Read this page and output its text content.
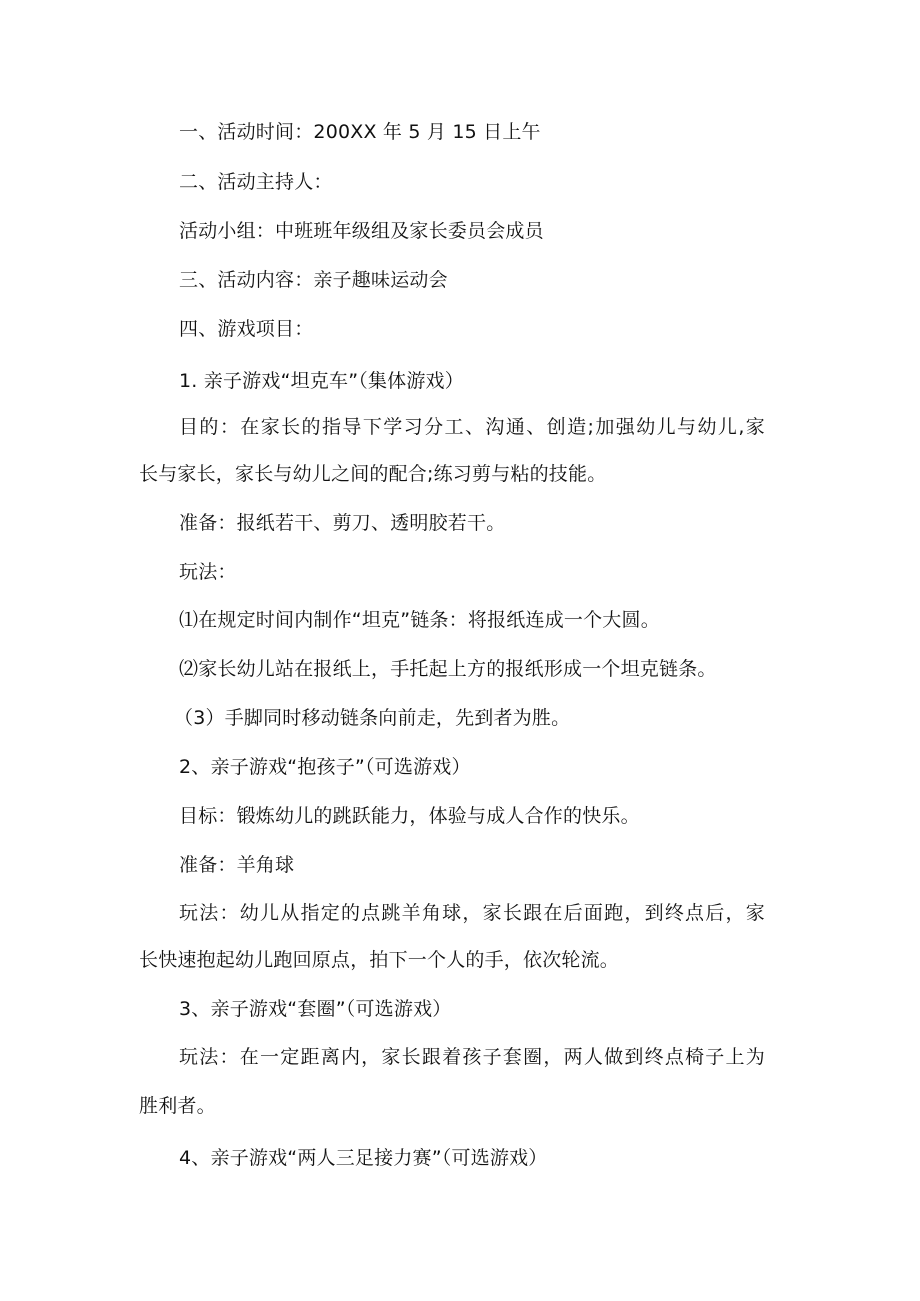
一、活动时间：200XX 年 5 月 15 日上午
二、活动主持人：
活动小组：中班班年级组及家长委员会成员
三、活动内容：亲子趣味运动会
四、游戏项目：
1. 亲子游戏“坦克车”（集体游戏）
目的：在家长的指导下学习分工、沟通、创造;加强幼儿与幼儿,家
长与家长，家长与幼儿之间的配合;练习剪与粘的技能。
准备：报纸若干、剪刀、透明胶若干。
玩法：
⑴在规定时间内制作“坦克”链条：将报纸连成一个大圆。
⑵家长幼儿站在报纸上，手托起上方的报纸形成一个坦克链条。
（3）手脚同时移动链条向前走，先到者为胜。
2、亲子游戏“抱孩子”（可选游戏）
目标：锻炼幼儿的跳跃能力，体验与成人合作的快乐。
准备：羊角球
玩法：幼儿从指定的点跳羊角球，家长跟在后面跑，到终点后，家
长快速抱起幼儿跑回原点，拍下一个人的手，依次轮流。
3、亲子游戏“套圈”（可选游戏）
玩法：在一定距离内，家长跟着孩子套圈，两人做到终点椅子上为
胜利者。
4、亲子游戏“两人三足接力赛”（可选游戏）
